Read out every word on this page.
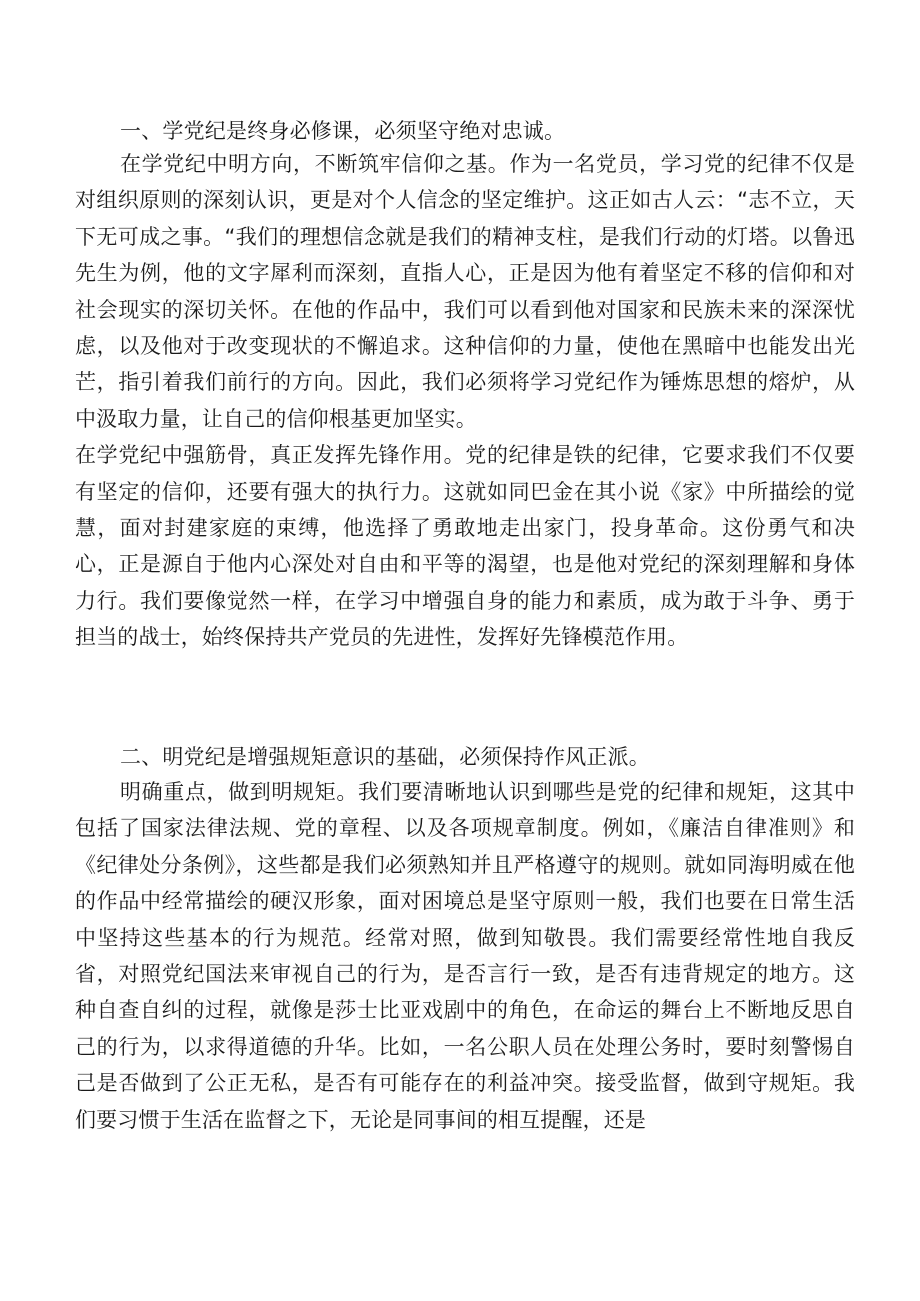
一、学党纪是终身必修课，必须坚守绝对忠诚。

在学党纪中明方向，不断筑牢信仰之基。作为一名党员，学习党的纪律不仅是对组织原则的深刻认识，更是对个人信念的坚定维护。这正如古人云：“志不立，天下无可成之事。“我们的理想信念就是我们的精神支柱，是我们行动的灯塔。以鲁迅先生为例，他的文字犀利而深刻，直指人心，正是因为他有着坚定不移的信仰和对社会现实的深切关怀。在他的作品中，我们可以看到他对国家和民族未来的深深忧虑，以及他对于改变现状的不懈追求。这种信仰的力量，使他在黑暗中也能发出光芒，指引着我们前行的方向。因此，我们必须将学习党纪作为锤炼思想的熔炉，从中汲取力量，让自己的信仰根基更加坚实。

在学党纪中强筋骨，真正发挥先锋作用。党的纪律是铁的纪律，它要求我们不仅要有坚定的信仰，还要有强大的执行力。这就如同巴金在其小说《家》中所描绘的觉慧，面对封建家庭的束缚，他选择了勇敢地走出家门，投身革命。这份勇气和决心，正是源自于他内心深处对自由和平等的渴望，也是他对党纪的深刻理解和身体力行。我们要像觉然一样，在学习中增强自身的能力和素质，成为敢于斗争、勇于担当的战士，始终保持共产党员的先进性，发挥好先锋模范作用。

二、明党纪是增强规矩意识的基础，必须保持作风正派。

明确重点，做到明规矩。我们要清晰地认识到哪些是党的纪律和规矩，这其中包括了国家法律法规、党的章程、以及各项规章制度。例如，《廉洁自律准则》和《纪律处分条例》，这些都是我们必须熟知并且严格遵守的规则。就如同海明威在他的作品中经常描绘的硬汉形象，面对困境总是坚守原则一般，我们也要在日常生活中坚持这些基本的行为规范。经常对照，做到知敬畏。我们需要经常性地自我反省，对照党纪国法来审视自己的行为，是否言行一致，是否有违背规定的地方。这种自查自纠的过程，就像是莎士比亚戏剧中的角色，在命运的舞台上不断地反思自己的行为，以求得道德的升华。比如，一名公职人员在处理公务时，要时刻警惕自己是否做到了公正无私，是否有可能存在的利益冲突。接受监督，做到守规矩。我们要习惯于生活在监督之下，无论是同事间的相互提醒，还是
